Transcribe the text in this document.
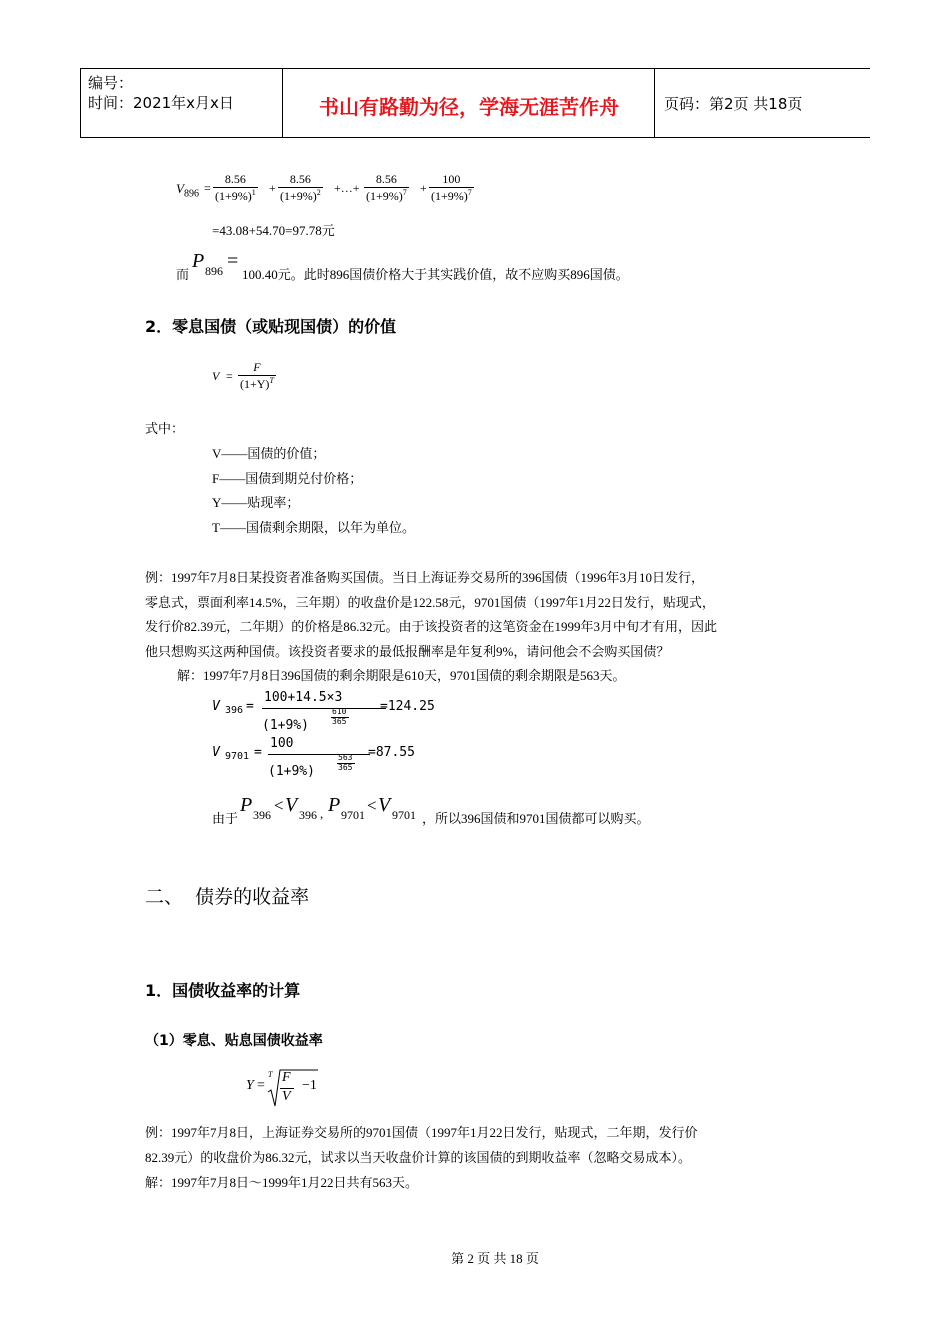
编号：
时间：2021年x月x日	书山有路勤为径，学海无涯苦作舟	页码：第2页 共18页
$V_{896}$ =
8.56
$(1+9\%)^1$ +
8.56
$(1+9\%)^2$ +…+
8.56
$(1+9\%)^7$ +
100
$(1+9\%)^7$
=43.08+54.70=97.78元
而
P 896 =
100.40元。此时896国债价格大于其实践价值，故不应购买896国债。
2．零息国债（或贴现国债）的价值
V =
F
$(1+Y)^T$
式中：
V——国债的价值；
F——国债到期兑付价格；
Y——贴现率；
T——国债剩余期限，以年为单位。
例：1997年7月8日某投资者准备购买国债。当日上海证券交易所的396国债（1996年3月10日发行，
零息式，票面利率14.5%，三年期）的收盘价是122.58元，9701国债（1997年1月22日发行，贴现式，
发行价82.39元，二年期）的价格是86.32元。由于该投资者的这笔资金在1999年3月中旬才有用，因此
他只想购买这两种国债。该投资者要求的最低报酬率是年复利9%，请问他会不会购买国债？
解：1997年7月8日396国债的剩余期限是610天，9701国债的剩余期限是563天。
V 396 =
100+14.5×3
(1+9%)
610
365
=124.25
V 9701 =
100
(1+9%)
563
365
=87.55
由于
P 396 < V 396 , P 9701 < V 9701 ，所以396国债和9701国债都可以购买。
二、  债券的收益率
1．国债收益率的计算
（1）零息、贴息国债收益率
Y =
T F
V
−1
例：1997年7月8日，上海证券交易所的9701国债（1997年1月22日发行，贴现式，二年期，发行价
82.39元）的收盘价为86.32元，试求以当天收盘价计算的该国债的到期收益率（忽略交易成本）。
解：1997年7月8日～1999年1月22日共有563天。
第 2 页 共 18 页
